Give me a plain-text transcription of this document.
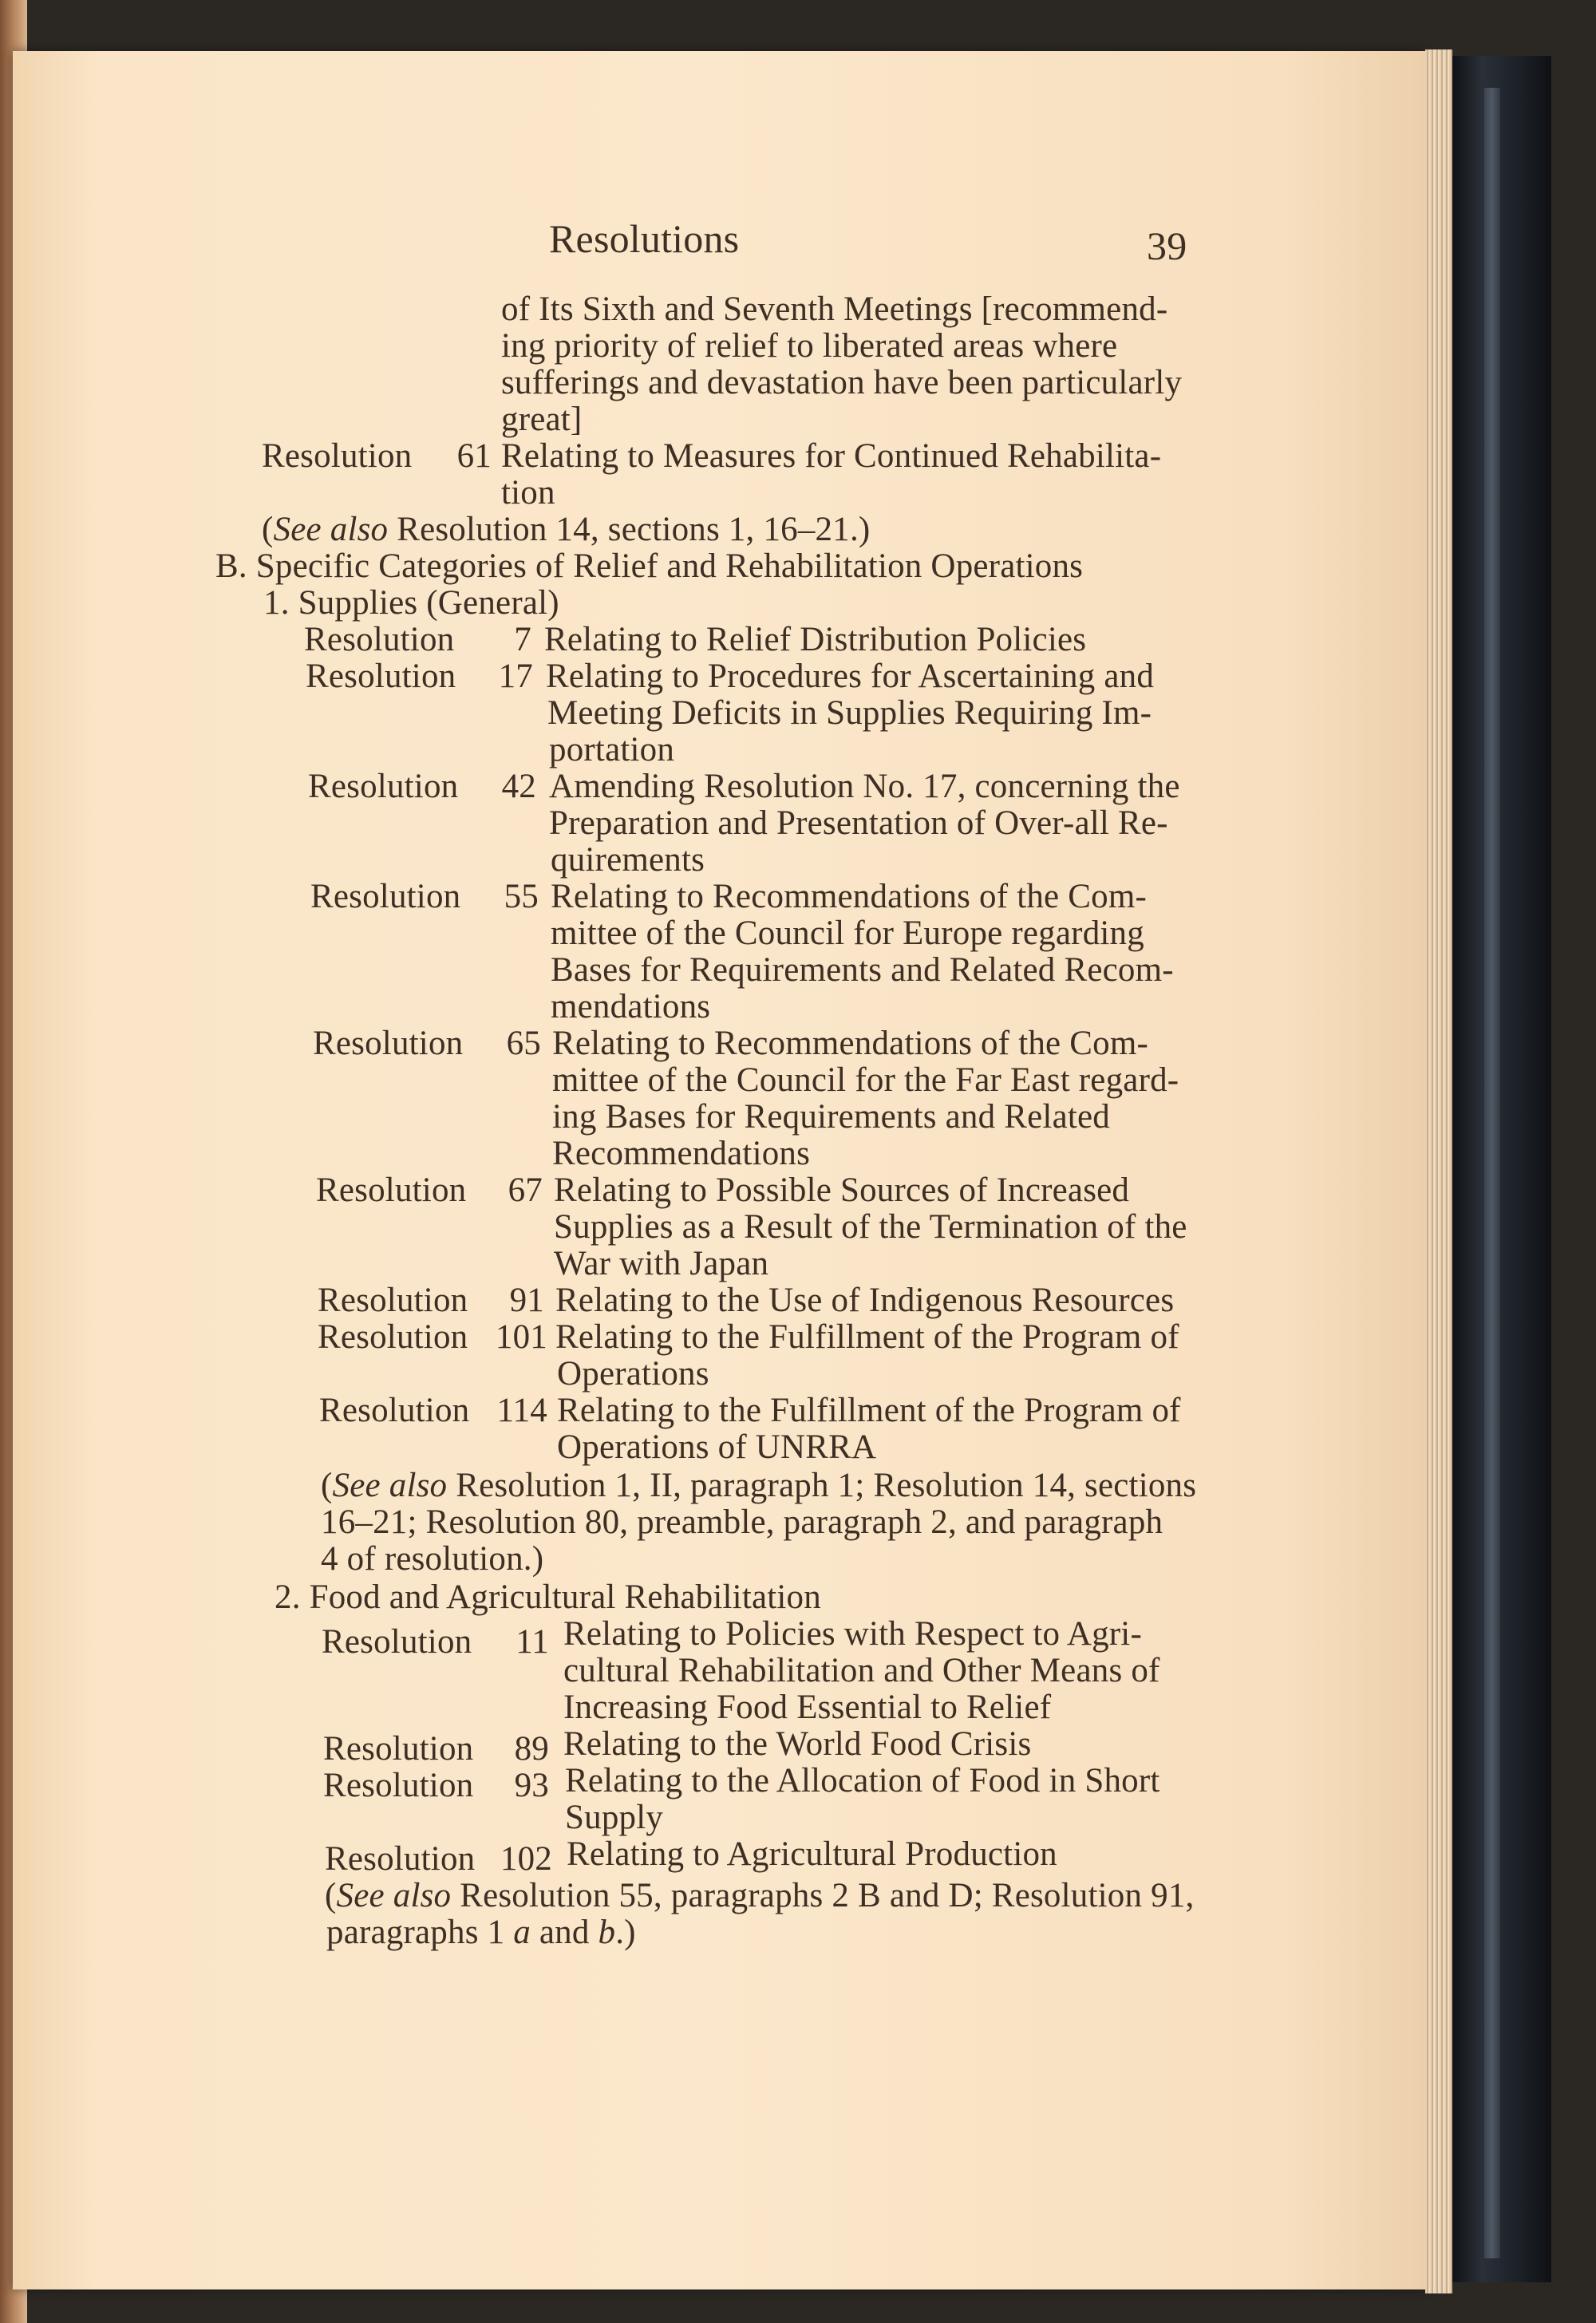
Resolutions	39
of Its Sixth and Seventh Meetings [recommend-
ing priority of relief to liberated areas where
sufferings and devastation have been particularly
great]
Resolution 61 Relating to Measures for Continued Rehabilita-
tion
(See also Resolution 14, sections 1, 16–21.)
B. Specific Categories of Relief and Rehabilitation Operations
1. Supplies (General)
Resolution	7 Relating to Relief Distribution Policies
Resolution 17 Relating to Procedures for Ascertaining and
Meeting Deficits in Supplies Requiring Im-
portation
Resolution 42 Amending Resolution No. 17, concerning the
Preparation and Presentation of Over-all Re-
quirements
Resolution 55 Relating to Recommendations of the Com-
mittee of the Council for Europe regarding
Bases for Requirements and Related Recom-
mendations
Resolution 65 Relating to Recommendations of the Com-
mittee of the Council for the Far East regard-
ing Bases for Requirements and Related
Recommendations
Resolution 67 Relating to Possible Sources of Increased
Supplies as a Result of the Termination of the
War with Japan
Resolution 91 Relating to the Use of Indigenous Resources
Resolution 101 Relating to the Fulfillment of the Program of
Operations
Resolution 114 Relating to the Fulfillment of the Program of
Operations of UNRRA
(See also Resolution 1, II, paragraph 1; Resolution 14, sections
16–21; Resolution 80, preamble, paragraph 2, and paragraph
4 of resolution.)
2. Food and Agricultural Rehabilitation
Resolution	11 Relating to Policies with Respect to Agri-
cultural Rehabilitation and Other Means of
Increasing Food Essential to Relief
Resolution 89 Relating to the World Food Crisis
Resolution 93 Relating to the Allocation of Food in Short
Supply
Resolution 102 Relating to Agricultural Production
(See also Resolution 55, paragraphs 2 B and D; Resolution 91,
paragraphs 1 a and b.)
